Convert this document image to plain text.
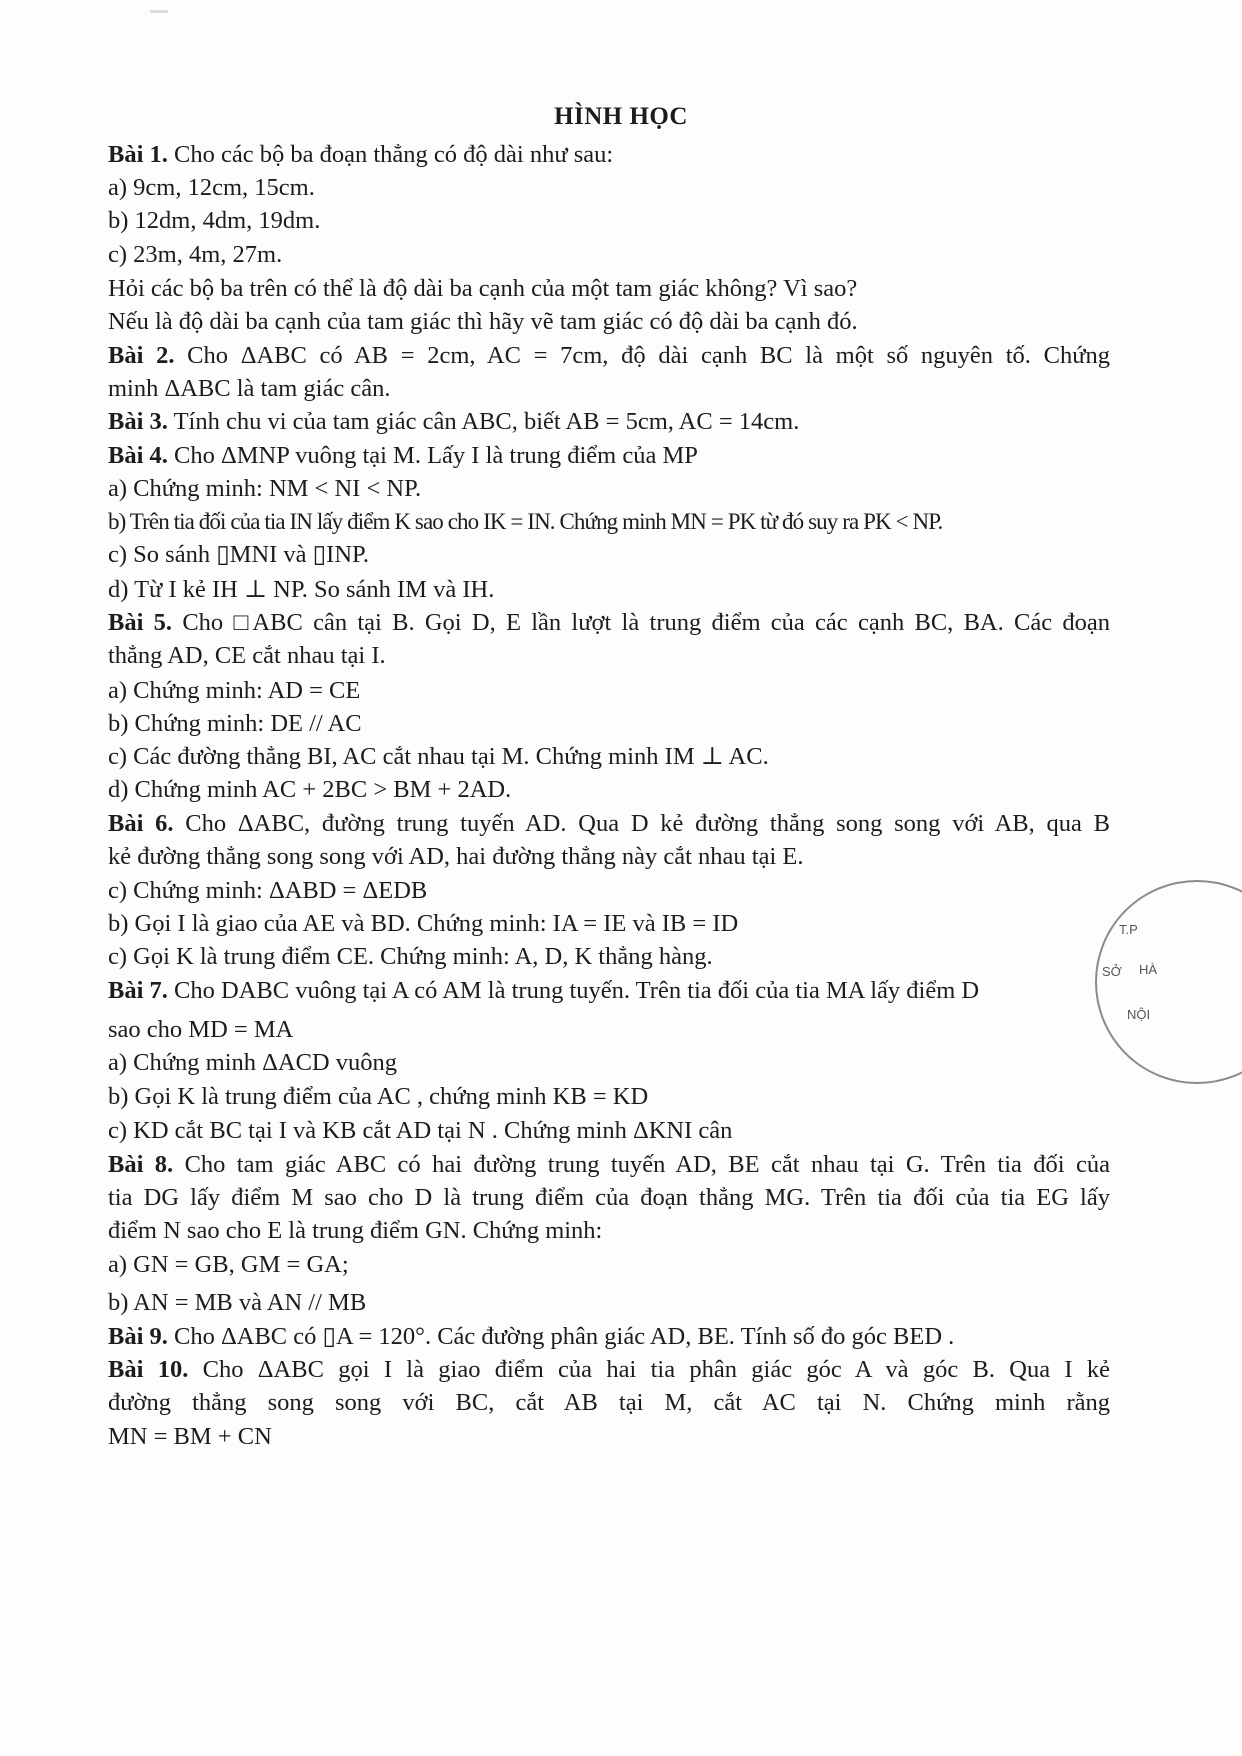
HÌNH HỌC
Bài 1. Cho các bộ ba đoạn thẳng có độ dài như sau:
a) 9cm, 12cm, 15cm.
b) 12dm, 4dm, 19dm.
c) 23m, 4m, 27m.
Hỏi các bộ ba trên có thể là độ dài ba cạnh của một tam giác không? Vì sao?
Nếu là độ dài ba cạnh của tam giác thì hãy vẽ tam giác có độ dài ba cạnh đó.
Bài 2. Cho ΔABC có AB = 2cm, AC = 7cm, độ dài cạnh BC là một số nguyên tố. Chứng
minh ΔABC là tam giác cân.
Bài 3. Tính chu vi của tam giác cân ABC, biết AB = 5cm, AC = 14cm.
Bài 4. Cho ΔMNP vuông tại M. Lấy I là trung điểm của MP
a) Chứng minh: NM < NI < NP.
b) Trên tia đối của tia IN lấy điểm K sao cho IK = IN. Chứng minh MN = PK từ đó suy ra PK < NP.
c) So sánh ▯MNI và ▯INP.
d) Từ I kẻ IH ⊥ NP. So sánh IM và IH.
Bài 5. Cho □ABC cân tại B. Gọi D, E lần lượt là trung điểm của các cạnh BC, BA. Các đoạn
thẳng AD, CE cắt nhau tại I.
a) Chứng minh: AD = CE
b) Chứng minh: DE // AC
c) Các đường thẳng BI, AC cắt nhau tại M. Chứng minh IM ⊥ AC.
d) Chứng minh AC + 2BC > BM + 2AD.
Bài 6. Cho ΔABC, đường trung tuyến AD. Qua D kẻ đường thẳng song song với AB, qua B
kẻ đường thẳng song song với AD, hai đường thẳng này cắt nhau tại E.
c) Chứng minh: ΔABD = ΔEDB
b) Gọi I là giao của AE và BD. Chứng minh: IA = IE và IB = ID
c) Gọi K là trung điểm CE. Chứng minh: A, D, K thẳng hàng.
Bài 7. Cho DABC vuông tại A có AM là trung tuyến. Trên tia đối của tia MA lấy điểm D
sao cho MD = MA
a) Chứng minh ΔACD vuông
b) Gọi K là trung điểm của AC , chứng minh KB = KD
c) KD cắt BC tại I và KB cắt AD tại N . Chứng minh ΔKNI cân
Bài 8. Cho tam giác ABC có hai đường trung tuyến AD, BE cắt nhau tại G. Trên tia đối của
tia DG lấy điểm M sao cho D là trung điểm của đoạn thẳng MG. Trên tia đối của tia EG lấy
điểm N sao cho E là trung điểm GN. Chứng minh:
a) GN = GB, GM = GA;
b) AN = MB và AN // MB
Bài 9. Cho ΔABC có ▯A = 120°. Các đường phân giác AD, BE. Tính số đo góc BED .
Bài 10. Cho ΔABC gọi I là giao điểm của hai tia phân giác góc A và góc B. Qua I kẻ
đường thẳng song song với BC, cắt AB tại M, cắt AC tại N. Chứng minh rằng
MN = BM + CN
T.P
HÀ
NỘI
SỞ
